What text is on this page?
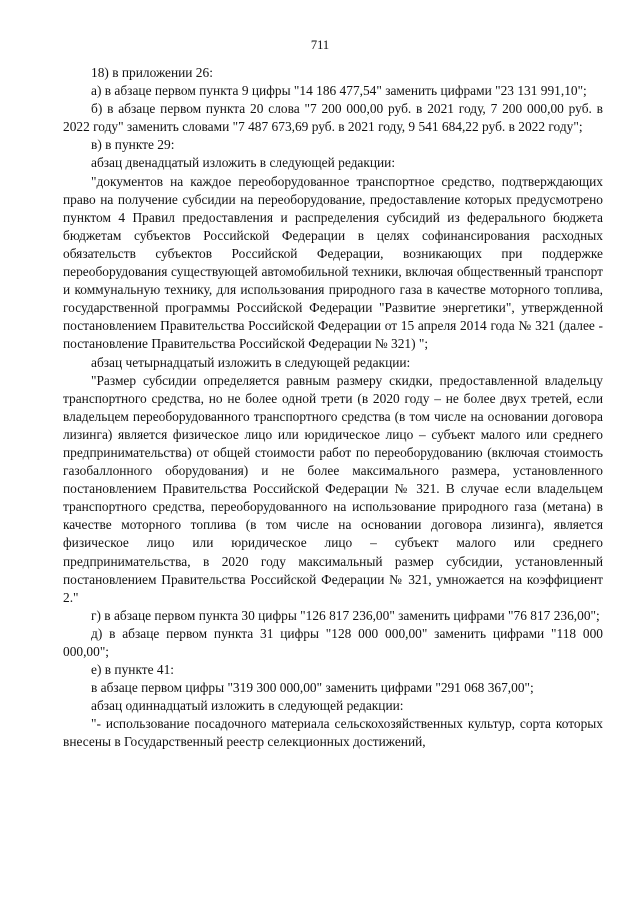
711

18) в приложении 26:

а) в абзаце первом пункта 9 цифры "14 186 477,54" заменить цифрами "23 131 991,10";

б) в абзаце первом пункта 20 слова "7 200 000,00 руб. в 2021 году, 7 200 000,00 руб. в 2022 году" заменить словами "7 487 673,69 руб. в 2021 году, 9 541 684,22 руб. в 2022 году";

в) в пункте 29:

абзац двенадцатый изложить в следующей редакции:

"документов на каждое переоборудованное транспортное средство, подтверждающих право на получение субсидии на переоборудование, предоставление которых предусмотрено пунктом 4 Правил предоставления и распределения субсидий из федерального бюджета бюджетам субъектов Российской Федерации в целях софинансирования расходных обязательств субъектов Российской Федерации, возникающих при поддержке переоборудования существующей автомобильной техники, включая общественный транспорт и коммунальную технику, для использования природного газа в качестве моторного топлива, государственной программы Российской Федерации "Развитие энергетики", утвержденной постановлением Правительства Российской Федерации от 15 апреля 2014 года № 321 (далее - постановление Правительства Российской Федерации № 321) ";

абзац четырнадцатый изложить в следующей редакции:

"Размер субсидии определяется равным размеру скидки, предоставленной владельцу транспортного средства, но не более одной трети (в 2020 году – не более двух третей, если владельцем переоборудованного транспортного средства (в том числе на основании договора лизинга) является физическое лицо или юридическое лицо – субъект малого или среднего предпринимательства) от общей стоимости работ по переоборудованию (включая стоимость газобаллонного оборудования) и не более максимального размера, установленного постановлением Правительства Российской Федерации № 321. В случае если владельцем транспортного средства, переоборудованного на использование природного газа (метана) в качестве моторного топлива (в том числе на основании договора лизинга), является физическое лицо или юридическое лицо – субъект малого или среднего предпринимательства, в 2020 году максимальный размер субсидии, установленный постановлением Правительства Российской Федерации № 321, умножается на коэффициент 2."

г) в абзаце первом пункта 30 цифры "126 817 236,00" заменить цифрами "76 817 236,00";

д) в абзаце первом пункта 31 цифры "128 000 000,00" заменить цифрами "118 000 000,00";

е) в пункте 41:

в абзаце первом цифры "319 300 000,00" заменить цифрами "291 068 367,00";

абзац одиннадцатый изложить в следующей редакции:

"- использование посадочного материала сельскохозяйственных культур, сорта которых внесены в Государственный реестр селекционных достижений,
